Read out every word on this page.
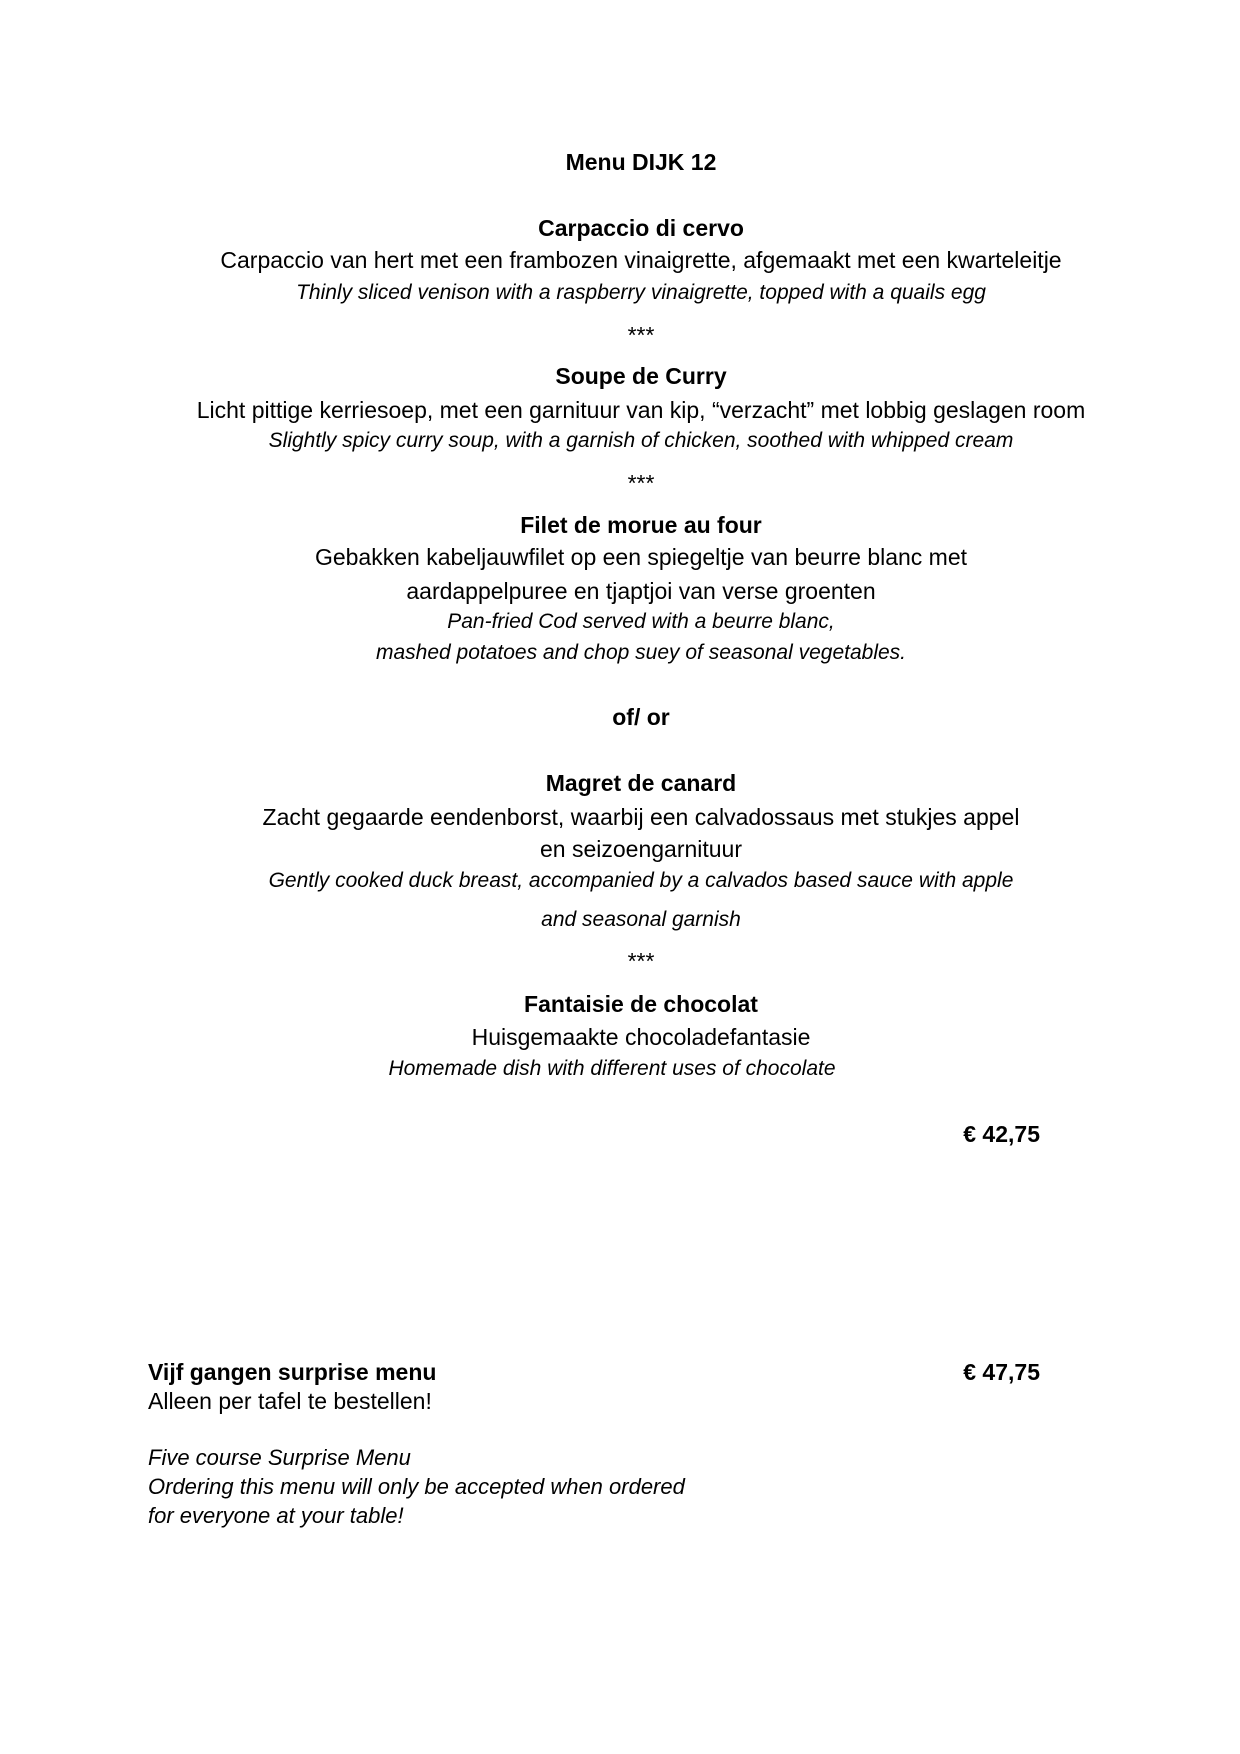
Menu DIJK 12
Carpaccio di cervo
Carpaccio van hert met een frambozen vinaigrette, afgemaakt met een kwarteleitje
Thinly sliced venison with a raspberry vinaigrette, topped with a quails egg
***
Soupe de Curry
Licht pittige kerriesoep, met een garnituur van kip, “verzacht” met lobbig geslagen room
Slightly spicy curry soup, with a garnish of chicken, soothed with whipped cream
***
Filet de morue au four
Gebakken kabeljauwfilet op een spiegeltje van beurre blanc met
aardappelpuree en tjaptjoi van verse groenten
Pan-fried Cod served with a beurre blanc,
mashed potatoes and chop suey of seasonal vegetables.
of/ or
Magret de canard
Zacht gegaarde eendenborst, waarbij een calvadossaus met stukjes appel
en seizoengarnituur
Gently cooked duck breast, accompanied by a calvados based sauce with apple
and seasonal garnish
***
Fantaisie de chocolat
Huisgemaakte chocoladefantasie
Homemade dish with different uses of chocolate
€ 42,75
Vijf gangen surprise menu	€ 47,75
Alleen per tafel te bestellen!
Five course Surprise Menu
Ordering this menu will only be accepted when ordered
for everyone at your table!
